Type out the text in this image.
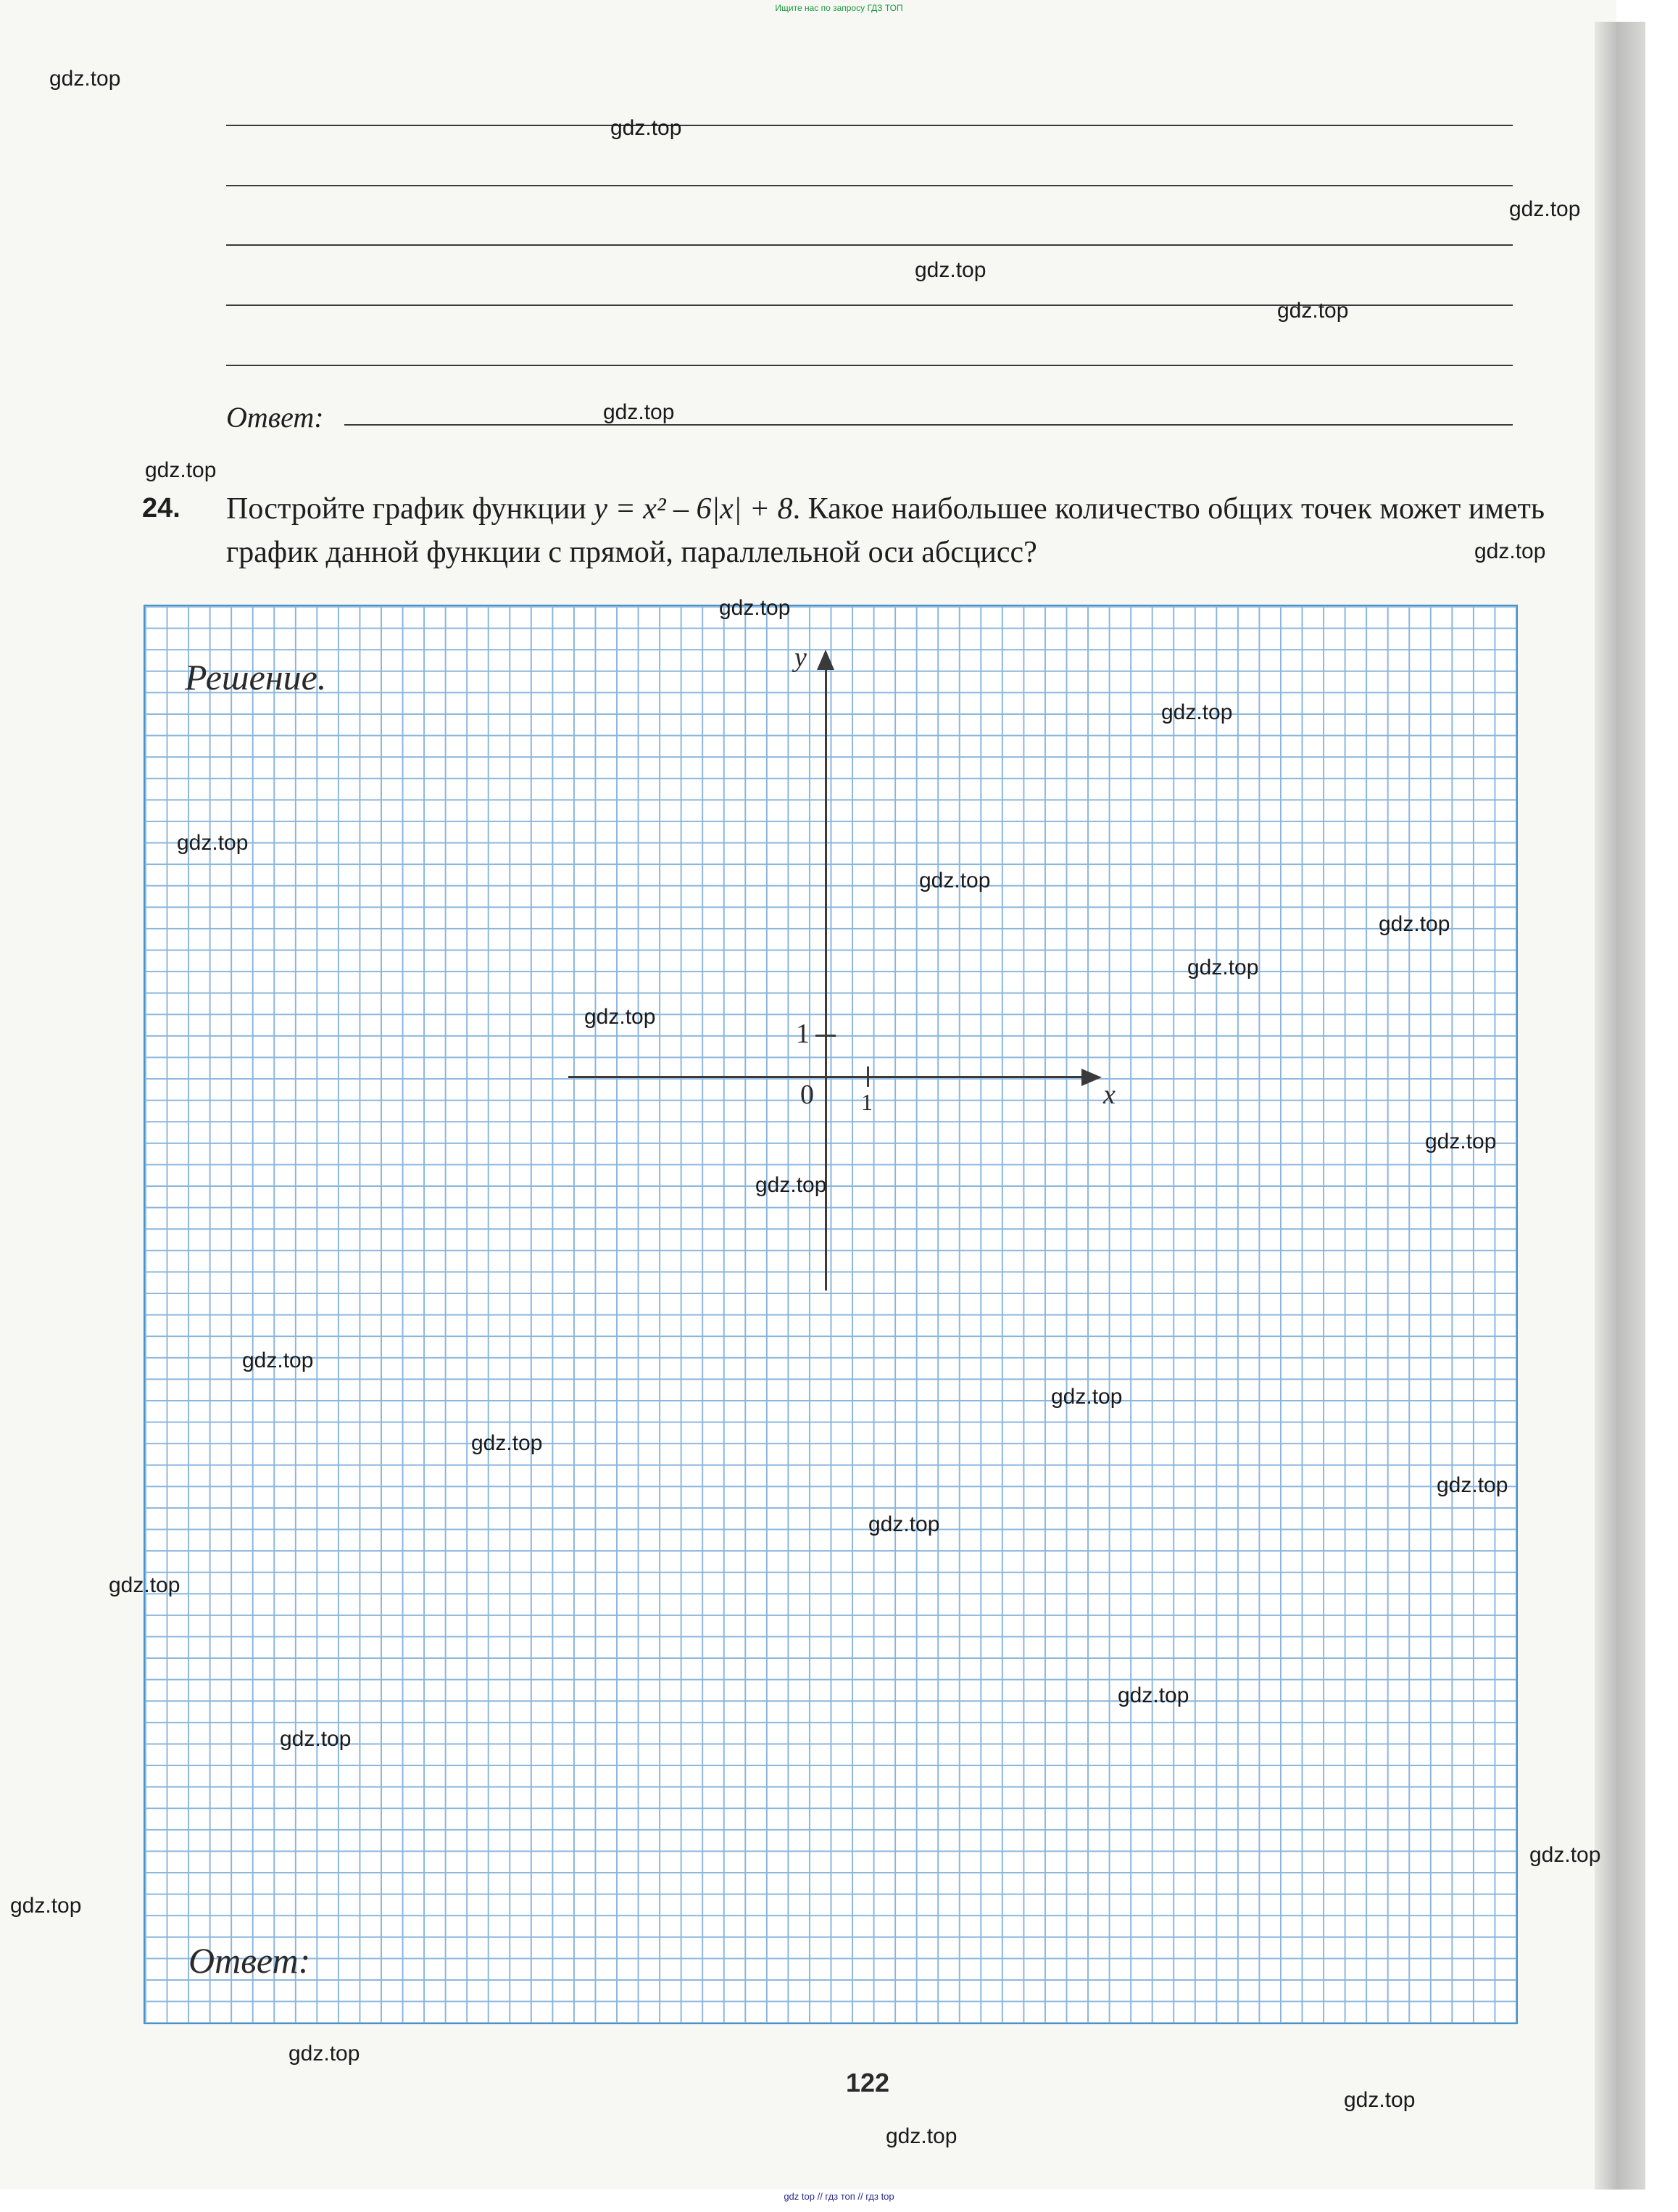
Ищите нас по запросу ГДЗ ТОП
Ответ:
24. Постройте график функции y = x² – 6|x| + 8. Какое наибольшее количество общих точек может иметь график данной функции с прямой, параллельной оси абсцисс?
Решение.
Ответ:
x
y
0 1
1
122
gdz top // гдз топ // гдз top
gdz.top
gdz.top
gdz.top
gdz.top
gdz.top
gdz.top
gdz.top
gdz.top
gdz.top
gdz.top
gdz.top
gdz.top
gdz.top
gdz.top
gdz.top
gdz.top
gdz.top
gdz.top
gdz.top
gdz.top
gdz.top
gdz.top
gdz.top
gdz.top
gdz.top
gdz.top
gdz.top
gdz.top
gdz.top
gdz.top
